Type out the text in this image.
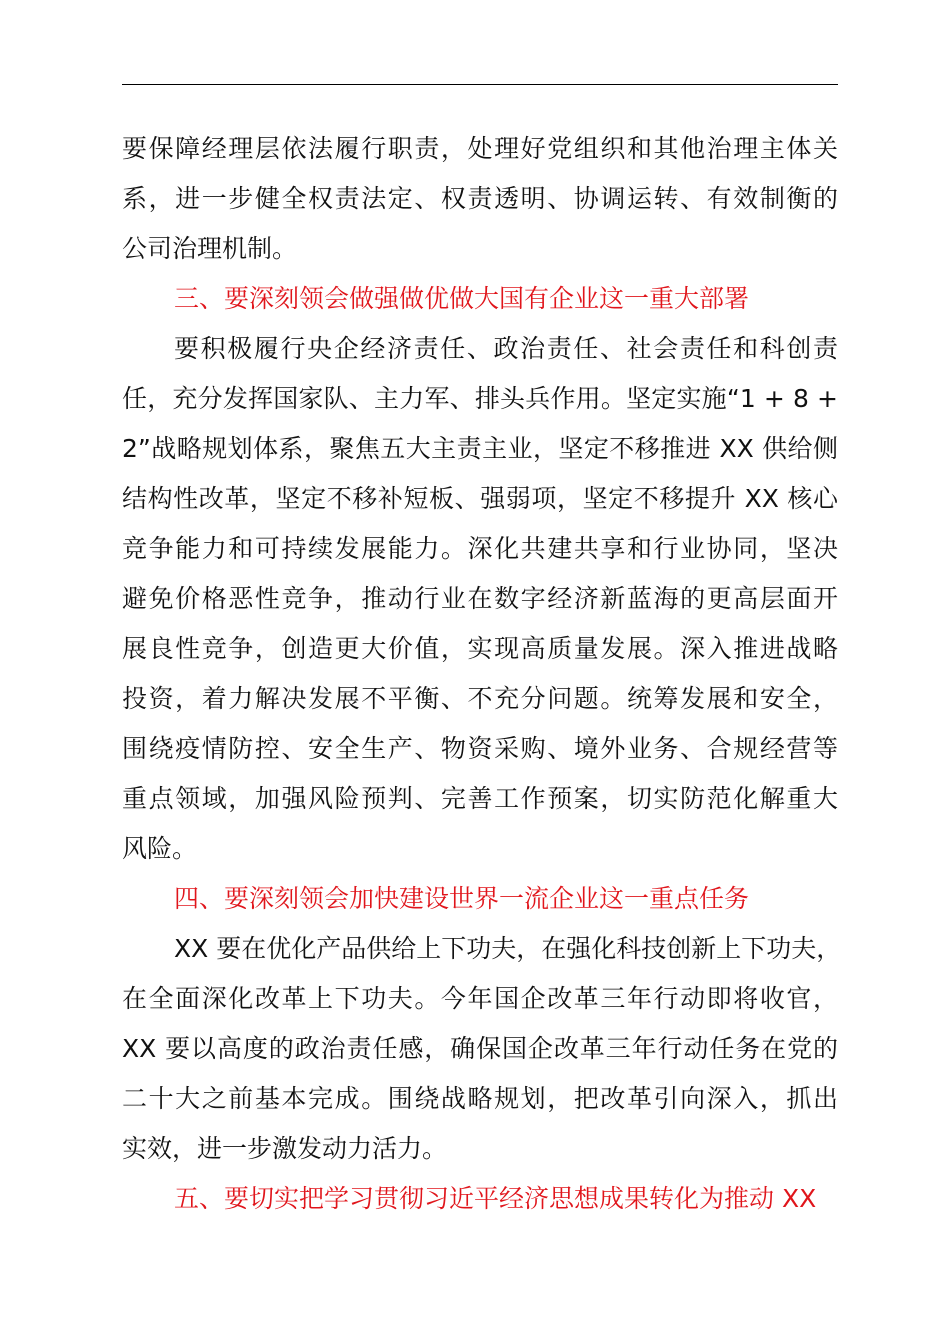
要保障经理层依法履行职责，处理好党组织和其他治理主体关
系，进一步健全权责法定、权责透明、协调运转、有效制衡的
公司治理机制。
三、要深刻领会做强做优做大国有企业这一重大部署
要积极履行央企经济责任、政治责任、社会责任和科创责
任，充分发挥国家队、主力军、排头兵作用。坚定实施“1 + 8 +
2”战略规划体系，聚焦五大主责主业，坚定不移推进 XX 供给侧
结构性改革，坚定不移补短板、强弱项，坚定不移提升 XX 核心
竞争能力和可持续发展能力。深化共建共享和行业协同，坚决
避免价格恶性竞争，推动行业在数字经济新蓝海的更高层面开
展良性竞争，创造更大价值，实现高质量发展。深入推进战略
投资，着力解决发展不平衡、不充分问题。统筹发展和安全，
围绕疫情防控、安全生产、物资采购、境外业务、合规经营等
重点领域，加强风险预判、完善工作预案，切实防范化解重大
风险。
四、要深刻领会加快建设世界一流企业这一重点任务
XX 要在优化产品供给上下功夫，在强化科技创新上下功夫，
在全面深化改革上下功夫。今年国企改革三年行动即将收官，
XX 要以高度的政治责任感，确保国企改革三年行动任务在党的
二十大之前基本完成。围绕战略规划，把改革引向深入，抓出
实效，进一步激发动力活力。
五、要切实把学习贯彻习近平经济思想成果转化为推动 XX
